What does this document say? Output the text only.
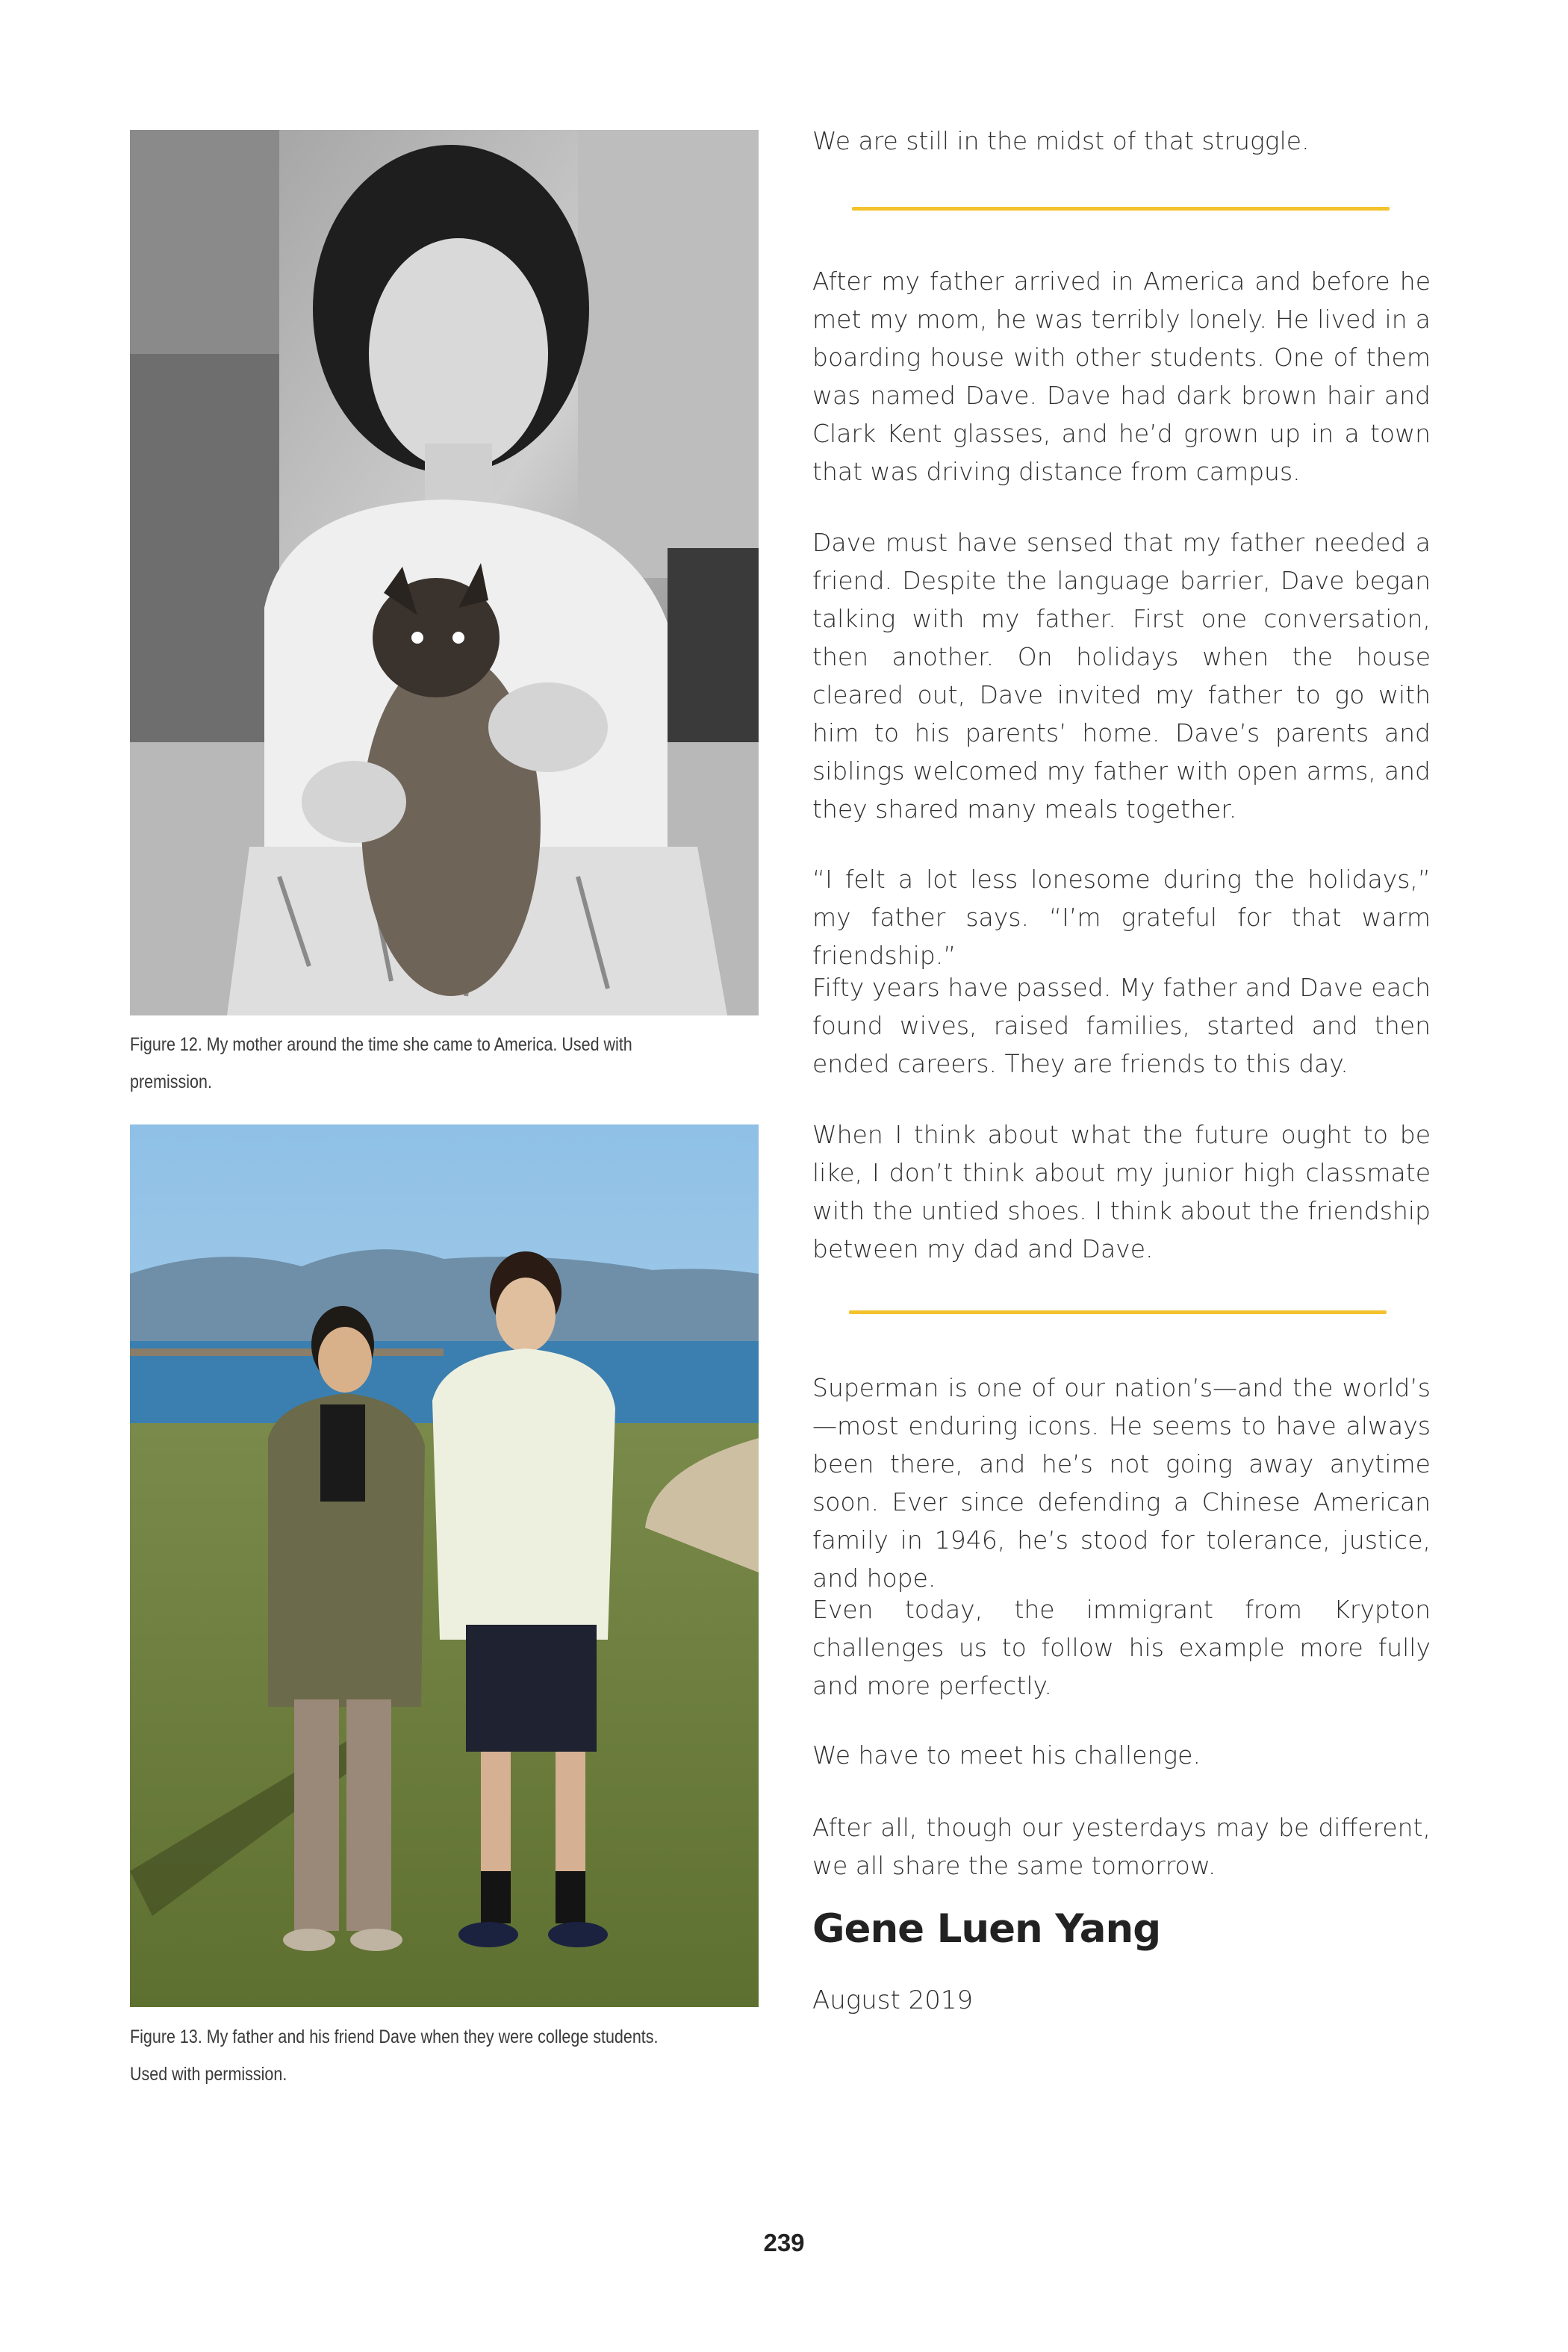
Figure 12. My mother around the time she came to America. Used with premission.
Figure 13. My father and his friend Dave when they were college students. Used with permission.

We are still in the midst of that struggle.

After my father arrived in America and before he met my mom, he was terribly lonely. He lived in a boarding house with other students. One of them was named Dave. Dave had dark brown hair and Clark Kent glasses, and he’d grown up in a town that was driving distance from campus.

Dave must have sensed that my father needed a friend. Despite the language barrier, Dave began talking with my father. First one conversation, then another. On holidays when the house cleared out, Dave invited my father to go with him to his parents’ home. Dave’s parents and siblings welcomed my father with open arms, and they shared many meals together.

“I felt a lot less lonesome during the holidays,” my father says. “I’m grateful for that warm friendship.”

Fifty years have passed. My father and Dave each found wives, raised families, started and then ended careers. They are friends to this day.

When I think about what the future ought to be like, I don’t think about my junior high classmate with the untied shoes. I think about the friendship between my dad and Dave.

Superman is one of our nation’s—and the world’s—most enduring icons. He seems to have always been there, and he’s not going away anytime soon. Ever since defending a Chinese American family in 1946, he’s stood for tolerance, justice, and hope.

Even today, the immigrant from Krypton challenges us to follow his example more fully and more perfectly.

We have to meet his challenge.

After all, though our yesterdays may be different, we all share the same tomorrow.

Gene Luen Yang
August 2019
239
